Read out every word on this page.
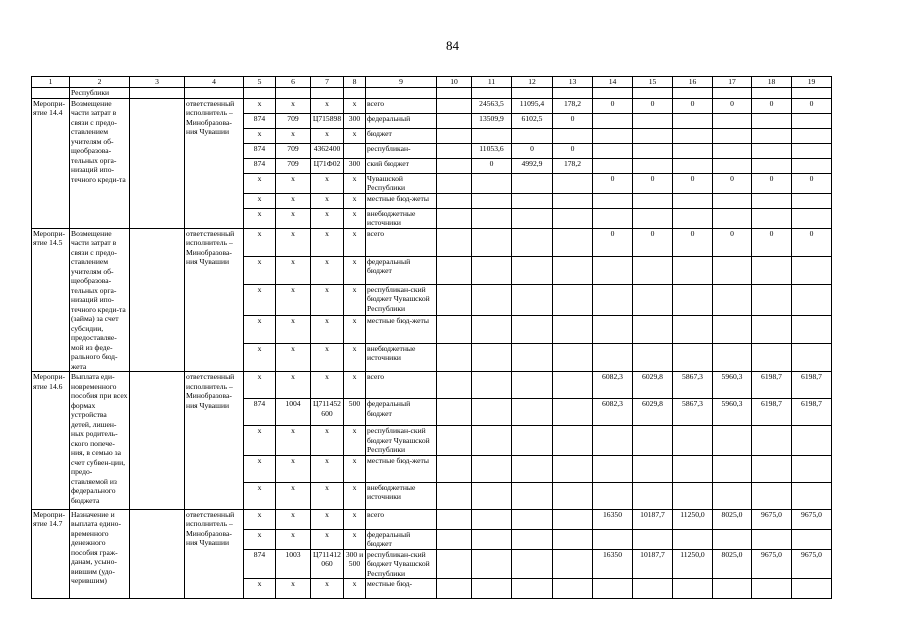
84
1	2	3	4	5	6	7	8	9	10	11	12	13	14	15	16	17	18	19
	Республики																	
Меропри-ятие 14.4	Возмещение части затрат в связи с предо-ставлением учителям об-щеобразова-тельных орга-низаций ипо-течного креди-та		ответственный исполнитель – Минобразова-ния Чувашии	x	x	x	x	всего		24563,5	11095,4	178,2	0	0	0	0	0	0
				874	709	Ц715898	300	федеральный		13509,9	6102,5	0						
				x	x	x	x	бюджет										
				874	709	4362400		республикан-		11053,6	0	0						
				874	709	Ц71Ф02	300	ский бюджет		0	4992,9	178,2						
				x	x	x	x	Чувашской Республики					0	0	0	0	0	0
				x	x	x	x	местные бюд-жеты										
				x	x	x	x	внебюджетные источники										
Меропри-ятие 14.5	Возмещение части затрат в связи с предо-ставлением учителям об-щеобразова-тельных орга-низаций ипо-течного креди-та (займа) за счет субсидии, предоставляе-мой из феде-рального бюд-жета		ответственный исполнитель – Минобразова-ния Чувашии	x	x	x	x	всего					0	0	0	0	0	0
				x	x	x	x	федеральный бюджет										
				x	x	x	x	республикан-ский бюджет Чувашской Республики										
				x	x	x	x	местные бюд-жеты										
				x	x	x	x	внебюджетные источники										
Меропри-ятие 14.6	Выплата еди-новременного пособия при всех формах устройства детей, лишен-ных родитель-ского попече-ния, в семью за счет субвен-ции, предо-ставляемой из федерального бюджета		ответственный исполнитель – Минобразова-ния Чувашии	x	x	x	x	всего					6082,3	6029,8	5867,3	5960,3	6198,7	6198,7
				874	1004	Ц711452 600	500	федеральный бюджет					6082,3	6029,8	5867,3	5960,3	6198,7	6198,7
				x	x	x	x	республикан-ский бюджет Чувашской Республики										
				x	x	x	x	местные бюд-жеты										
				x	x	x	x	внебюджетные источники										
Меропри-ятие 14.7	Назначение и выплата едино-временного денежного пособия граж-данам, усыно-вившим (удо-черившим)		ответственный исполнитель – Минобразова-ния Чувашии	x	x	x	x	всего					16350	10187,7	11250,0	8025,0	9675,0	9675,0
				x	x	x	x	федеральный бюджет										
				874	1003	Ц711412 060	300 и 500	республикан-ский бюджет Чувашской Республики					16350	10187,7	11250,0	8025,0	9675,0	9675,0
				x	x	x	x	местные бюд-										
